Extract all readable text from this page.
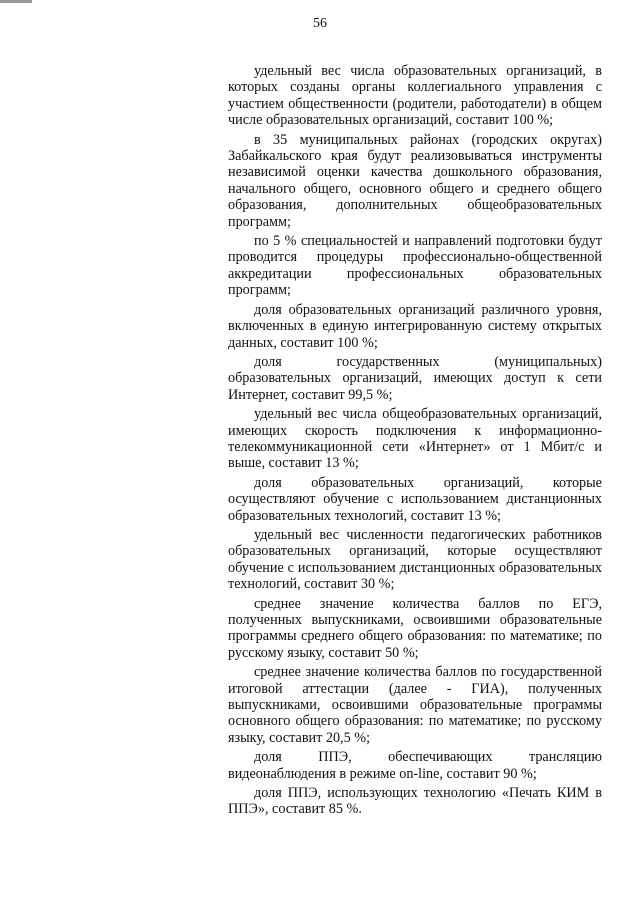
56

удельный вес числа образовательных организаций, в которых созданы органы коллегиального управления с участием общественности (родители, работодатели) в общем числе образовательных организаций, составит 100 %;

в 35 муниципальных районах (городских округах) Забайкальского края будут реализовываться инструменты независимой оценки качества дошкольного образования, начального общего, основного общего и среднего общего образования, дополнительных общеобразовательных программ;

по 5 % специальностей и направлений подготовки будут проводится процедуры профессионально-общественной аккредитации профессиональных образовательных программ;

доля образовательных организаций различного уровня, включенных в единую интегрированную систему открытых данных, составит 100 %;

доля государственных (муниципальных) образовательных организаций, имеющих доступ к сети Интернет, составит 99,5 %;

удельный вес числа общеобразовательных организаций, имеющих скорость подключения к информационно-телекоммуникационной сети «Интернет» от 1 Мбит/с и выше, составит 13 %;

доля образовательных организаций, которые осуществляют обучение с использованием дистанционных образовательных технологий, составит 13 %;

удельный вес численности педагогических работников образовательных организаций, которые осуществляют обучение с использованием дистанционных образовательных технологий, составит 30 %;

среднее значение количества баллов по ЕГЭ, полученных выпускниками, освоившими образовательные программы среднего общего образования: по математике; по русскому языку, составит 50 %;

среднее значение количества баллов по государственной итоговой аттестации (далее - ГИА), полученных выпускниками, освоившими образовательные программы основного общего образования: по математике; по русскому языку, составит 20,5 %;

доля ППЭ, обеспечивающих трансляцию видеонаблюдения в режиме on-line, составит 90 %;

доля ППЭ, использующих технологию «Печать КИМ в ППЭ», составит 85 %.
